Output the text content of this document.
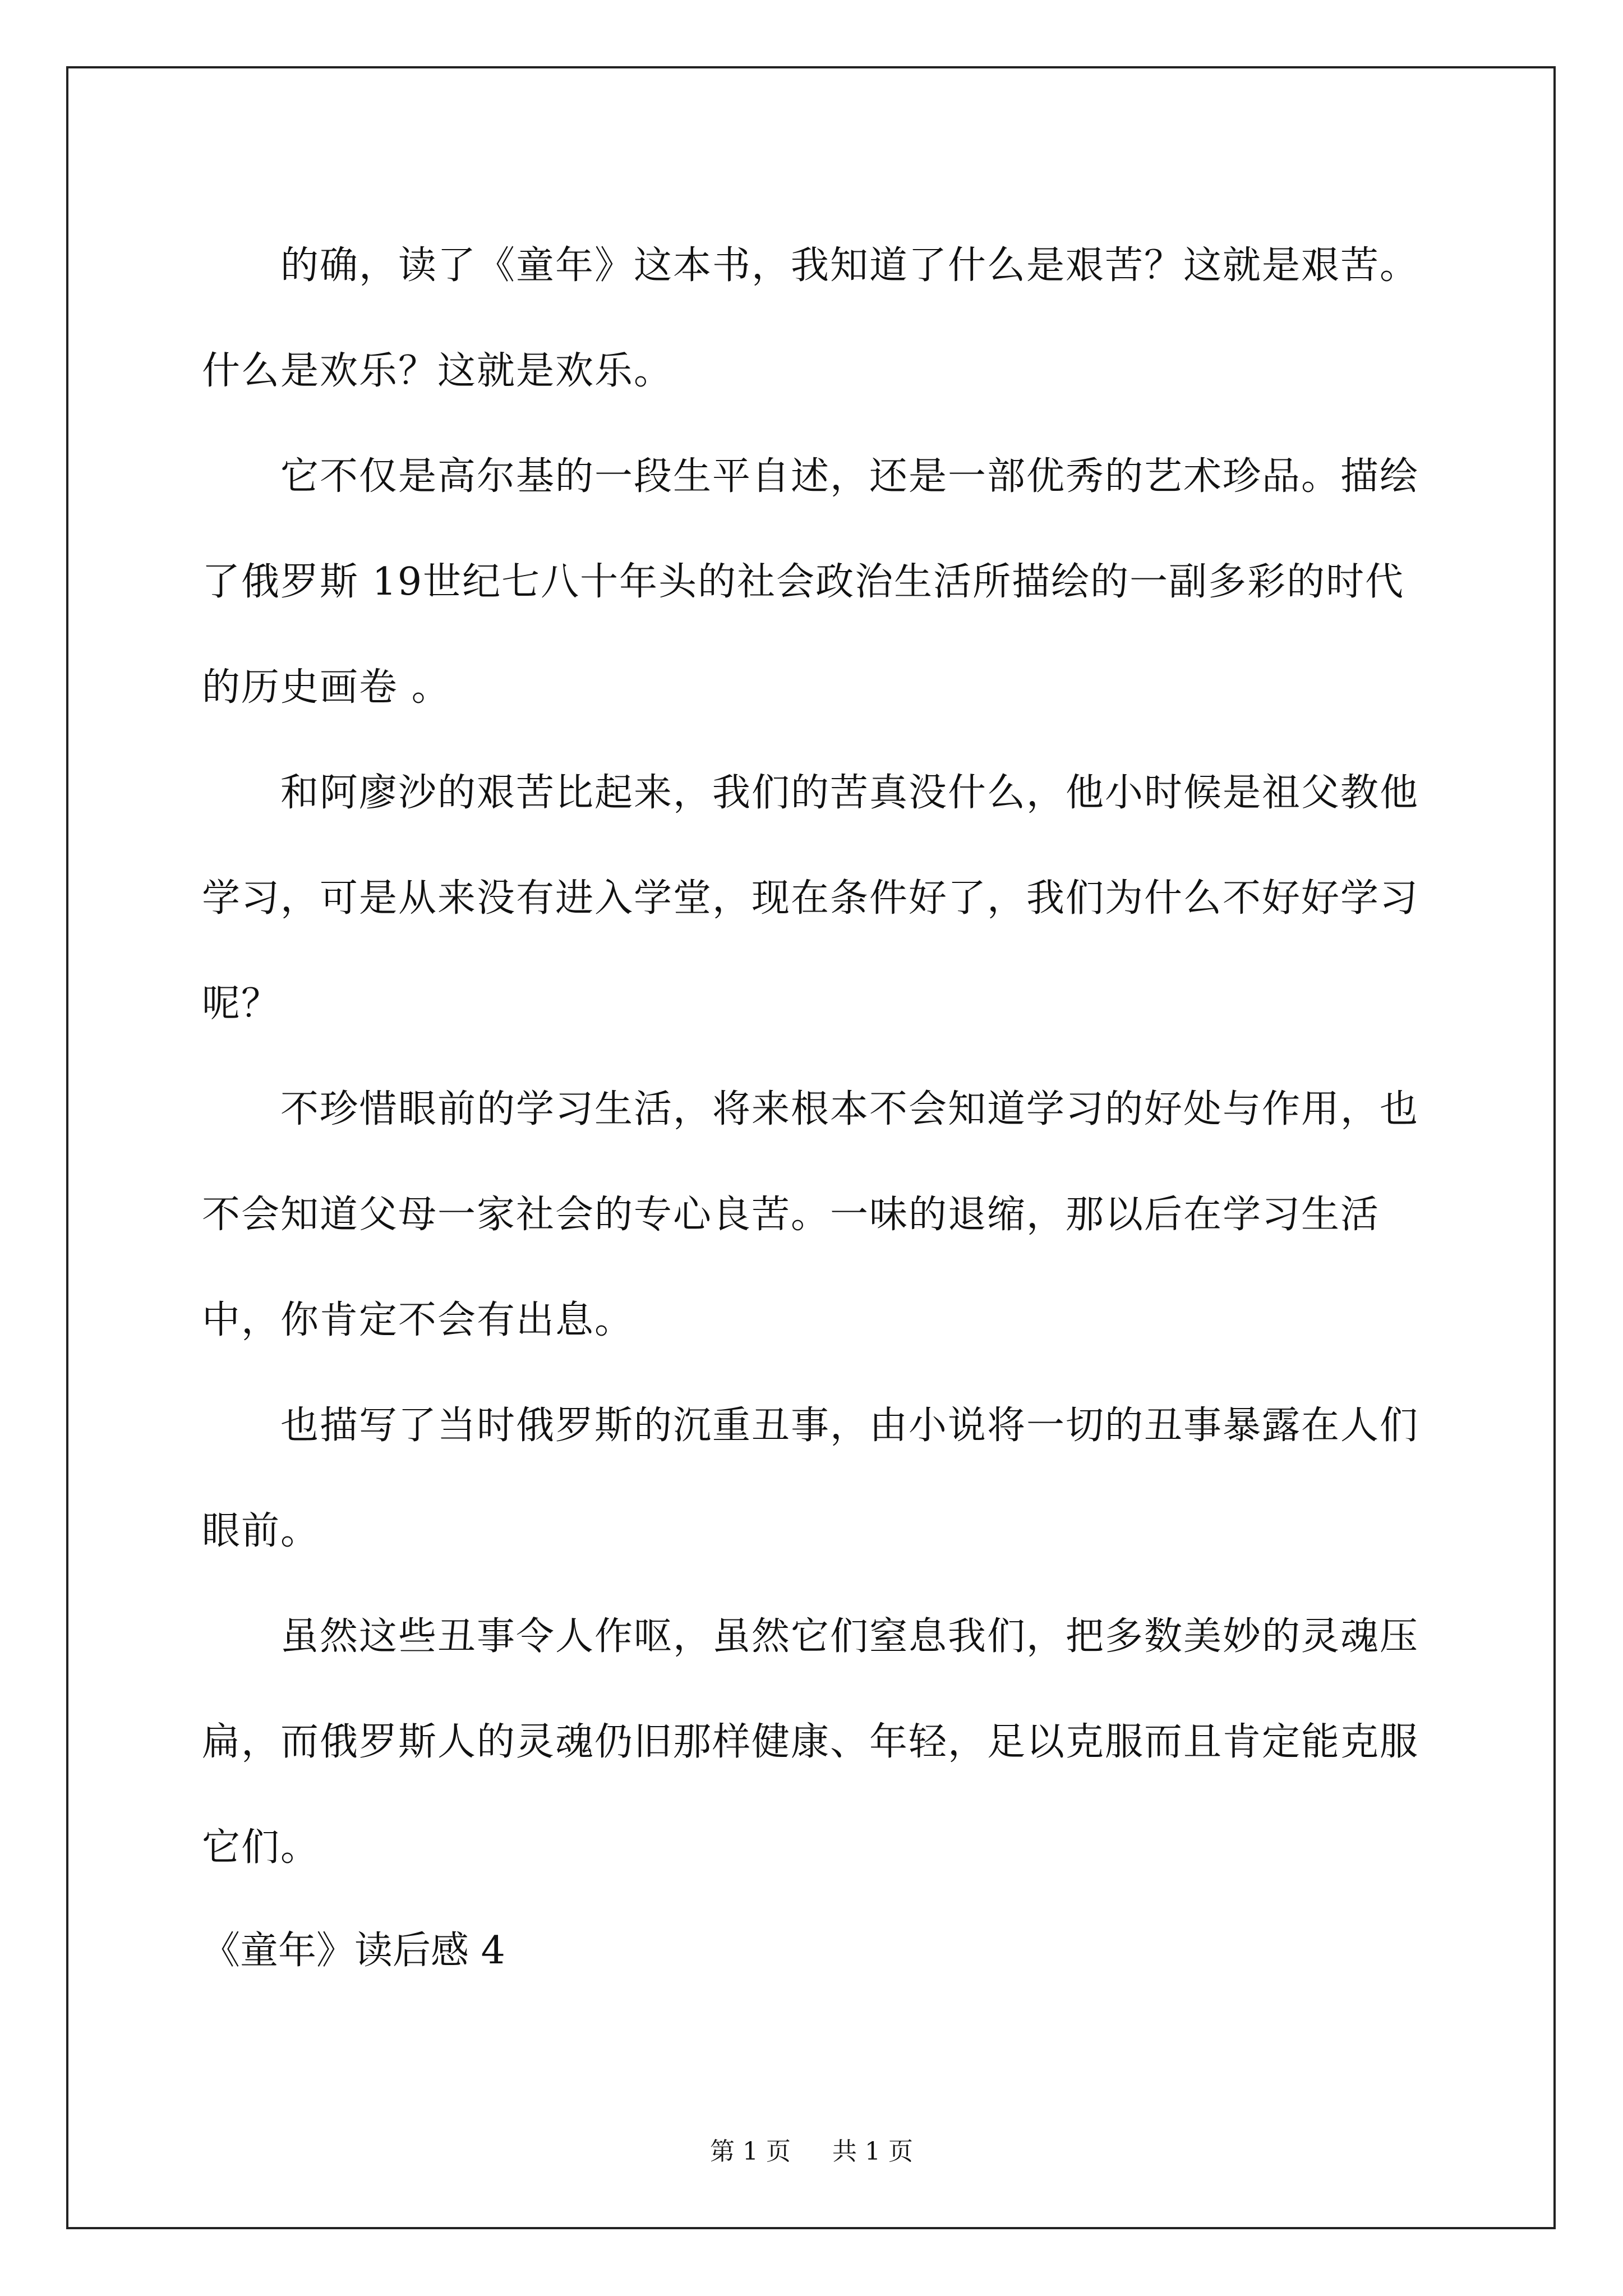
的确，读了《童年》这本书，我知道了什么是艰苦？这就是艰苦。什么是欢乐？这就是欢乐。

它不仅是高尔基的一段生平自述，还是一部优秀的艺术珍品。描绘了俄罗斯 19世纪七八十年头的社会政治生活所描绘的一副多彩的时代的历史画卷 。

和阿廖沙的艰苦比起来，我们的苦真没什么，他小时候是祖父教他学习，可是从来没有进入学堂，现在条件好了，我们为什么不好好学习呢？

不珍惜眼前的学习生活，将来根本不会知道学习的好处与作用，也不会知道父母一家社会的专心良苦。一味的退缩，那以后在学习生活中，你肯定不会有出息。

也描写了当时俄罗斯的沉重丑事，由小说将一切的丑事暴露在人们眼前。

虽然这些丑事令人作呕，虽然它们窒息我们，把多数美妙的灵魂压扁，而俄罗斯人的灵魂仍旧那样健康、年轻，足以克服而且肯定能克服它们。

《童年》读后感 4
第 1 页 共 1 页
